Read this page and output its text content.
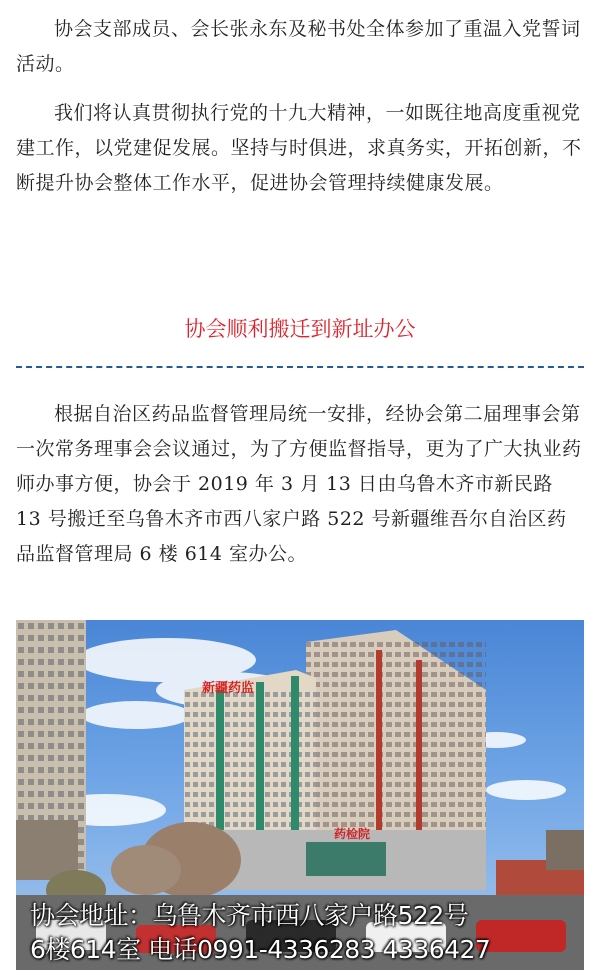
协会支部成员、会长张永东及秘书处全体参加了重温入党誓词活动。

我们将认真贯彻执行党的十九大精神，一如既往地高度重视党建工作，以党建促发展。坚持与时俱进，求真务实，开拓创新，不断提升协会整体工作水平，促进协会管理持续健康发展。

协会顺利搬迁到新址办公

根据自治区药品监督管理局统一安排，经协会第二届理事会第一次常务理事会会议通过，为了方便监督指导，更为了广大执业药师办事方便，协会于 2019 年 3 月 13 日由乌鲁木齐市新民路 13 号搬迁至乌鲁木齐市西八家户路 522 号新疆维吾尔自治区药品监督管理局 6 楼 614 室办公。

新疆药监
药检院
协会地址：乌鲁木齐市西八家户路522号
6楼614室 电话0991-4336283 4336427
